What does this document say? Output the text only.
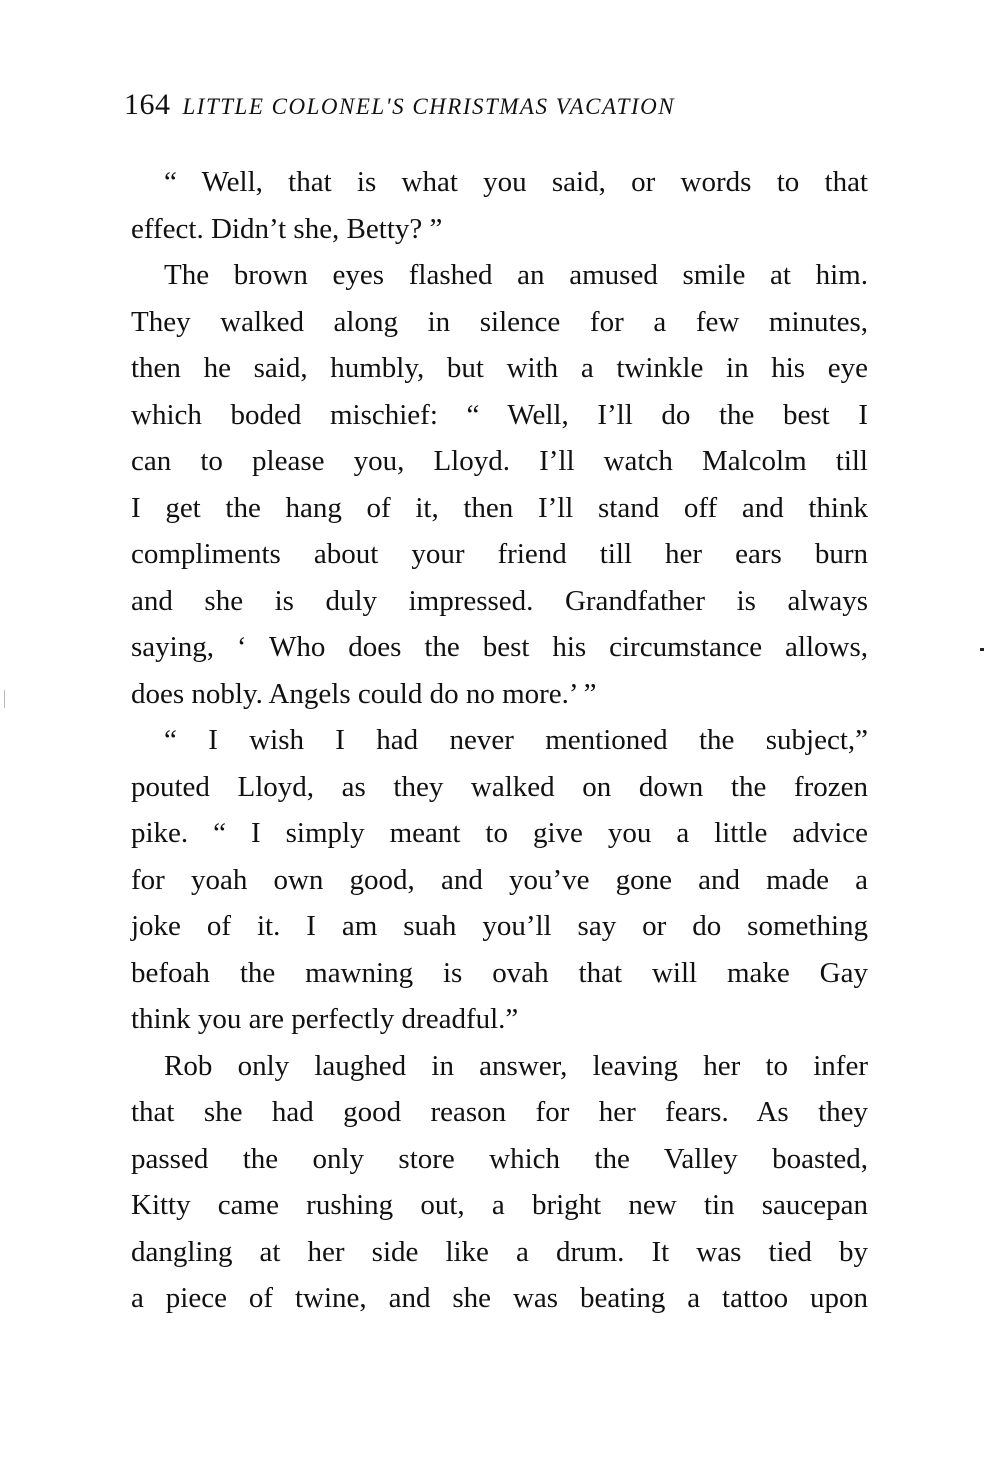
164 LITTLE COLONEL'S CHRISTMAS VACATION
“ Well, that is what you said, or words to that
effect. Didn’t she, Betty? ”
The brown eyes flashed an amused smile at him.
They walked along in silence for a few minutes,
then he said, humbly, but with a twinkle in his eye
which boded mischief: “ Well, I’ll do the best I
can to please you, Lloyd. I’ll watch Malcolm till
I get the hang of it, then I’ll stand off and think
compliments about your friend till her ears burn
and she is duly impressed. Grandfather is always
saying, ‘ Who does the best his circumstance allows,
does nobly. Angels could do no more.’ ”
“ I wish I had never mentioned the subject,”
pouted Lloyd, as they walked on down the frozen
pike. “ I simply meant to give you a little advice
for yoah own good, and you’ve gone and made a
joke of it. I am suah you’ll say or do something
befoah the mawning is ovah that will make Gay
think you are perfectly dreadful.”
Rob only laughed in answer, leaving her to infer
that she had good reason for her fears. As they
passed the only store which the Valley boasted,
Kitty came rushing out, a bright new tin saucepan
dangling at her side like a drum. It was tied by
a piece of twine, and she was beating a tattoo upon
